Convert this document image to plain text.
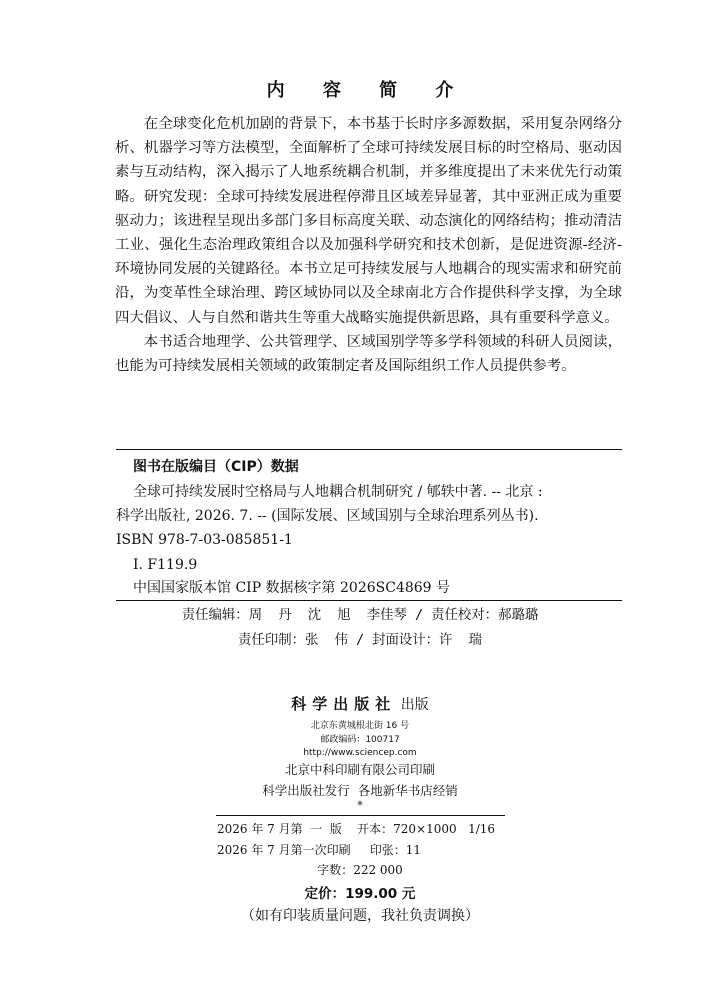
内 容 简 介

在全球变化危机加剧的背景下，本书基于长时序多源数据，采用复杂网络分析、机器学习等方法模型，全面解析了全球可持续发展目标的时空格局、驱动因素与互动结构，深入揭示了人地系统耦合机制，并多维度提出了未来优先行动策略。研究发现：全球可持续发展进程停滞且区域差异显著，其中亚洲正成为重要驱动力；该进程呈现出多部门多目标高度关联、动态演化的网络结构；推动清洁工业、强化生态治理政策组合以及加强科学研究和技术创新，是促进资源-经济-环境协同发展的关键路径。本书立足可持续发展与人地耦合的现实需求和研究前沿，为变革性全球治理、跨区域协同以及全球南北方合作提供科学支撑，为全球四大倡议、人与自然和谐共生等重大战略实施提供新思路，具有重要科学意义。

本书适合地理学、公共管理学、区域国别学等多学科领域的科研人员阅读，也能为可持续发展相关领域的政策制定者及国际组织工作人员提供参考。

图书在版编目（CIP）数据
全球可持续发展时空格局与人地耦合机制研究 / 郇轶中著. -- 北京 :
科学出版社, 2026. 7. -- (国际发展、区域国别与全球治理系列丛书).
ISBN 978-7-03-085851-1
Ⅰ. F119.9
中国国家版本馆 CIP 数据核字第 2026SC4869 号
责任编辑：周  丹  沈  旭  李佳琴 / 责任校对：郝璐璐
责任印制：张  伟 / 封面设计：许  瑞
科学出版社 出版
北京东黄城根北街 16 号
邮政编码：100717
http://www.sciencep.com
北京中科印刷有限公司印刷
科学出版社发行  各地新华书店经销
*
2026 年 7 月第  一  版    开本：720×1000   1/16
2026 年 7 月第一次印刷     印张：11
字数：222 000
定价：199.00 元
（如有印装质量问题，我社负责调换）
